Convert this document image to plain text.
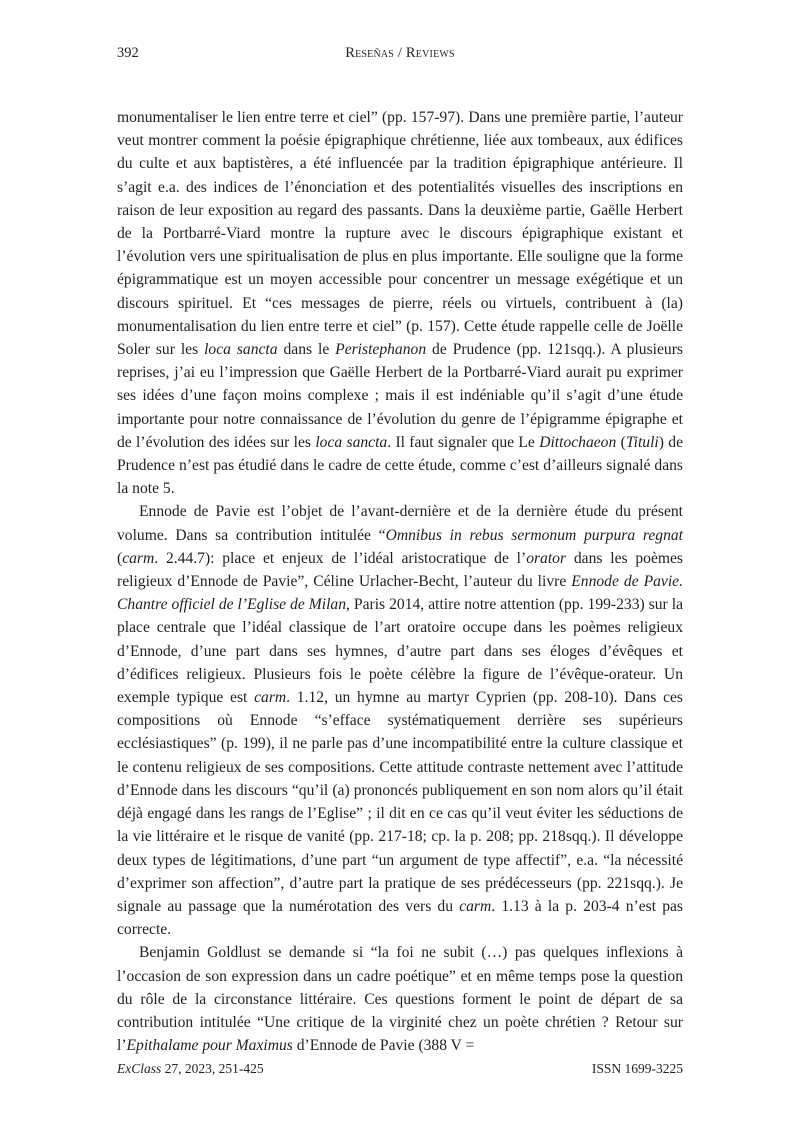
392	Reseñas / Reviews

monumentaliser le lien entre terre et ciel” (pp. 157-97). Dans une première partie, l’auteur veut montrer comment la poésie épigraphique chrétienne, liée aux tombeaux, aux édifices du culte et aux baptistères, a été influencée par la tradition épigraphique antérieure. Il s’agit e.a. des indices de l’énonciation et des potentialités visuelles des inscriptions en raison de leur exposition au regard des passants. Dans la deuxième partie, Gaëlle Herbert de la Portbarré-Viard montre la rupture avec le discours épigraphique existant et l’évolution vers une spiritualisation de plus en plus importante. Elle souligne que la forme épigrammatique est un moyen accessible pour concentrer un message exégétique et un discours spirituel. Et “ces messages de pierre, réels ou virtuels, contribuent à (la) monumentalisation du lien entre terre et ciel” (p. 157). Cette étude rappelle celle de Joëlle Soler sur les loca sancta dans le Peristephanon de Prudence (pp. 121sqq.). A plusieurs reprises, j’ai eu l’impression que Gaëlle Herbert de la Portbarré-Viard aurait pu exprimer ses idées d’une façon moins complexe ; mais il est indéniable qu’il s’agit d’une étude importante pour notre connaissance de l’évolution du genre de l’épigramme épigraphe et de l’évolution des idées sur les loca sancta. Il faut signaler que Le Dittochaeon (Tituli) de Prudence n’est pas étudié dans le cadre de cette étude, comme c’est d’ailleurs signalé dans la note 5.

Ennode de Pavie est l’objet de l’avant-dernière et de la dernière étude du présent volume. Dans sa contribution intitulée “Omnibus in rebus sermonum purpura regnat (carm. 2.44.7): place et enjeux de l’idéal aristocratique de l’orator dans les poèmes religieux d’Ennode de Pavie”, Céline Urlacher-Becht, l’auteur du livre Ennode de Pavie. Chantre officiel de l’Eglise de Milan, Paris 2014, attire notre attention (pp. 199-233) sur la place centrale que l’idéal classique de l’art oratoire occupe dans les poèmes religieux d’Ennode, d’une part dans ses hymnes, d’autre part dans ses éloges d’évêques et d’édifices religieux. Plusieurs fois le poète célèbre la figure de l’évêque-orateur. Un exemple typique est carm. 1.12, un hymne au martyr Cyprien (pp. 208-10). Dans ces compositions où Ennode “s’efface systématiquement derrière ses supérieurs ecclésiastiques” (p. 199), il ne parle pas d’une incompatibilité entre la culture classique et le contenu religieux de ses compositions. Cette attitude contraste nettement avec l’attitude d’Ennode dans les discours “qu’il (a) prononcés publiquement en son nom alors qu’il était déjà engagé dans les rangs de l’Eglise” ; il dit en ce cas qu’il veut éviter les séductions de la vie littéraire et le risque de vanité (pp. 217-18; cp. la p. 208; pp. 218sqq.). Il développe deux types de légitimations, d’une part “un argument de type affectif”, e.a. “la nécessité d’exprimer son affection”, d’autre part la pratique de ses prédécesseurs (pp. 221sqq.). Je signale au passage que la numérotation des vers du carm. 1.13 à la p. 203-4 n’est pas correcte.

Benjamin Goldlust se demande si “la foi ne subit (…) pas quelques inflexions à l’occasion de son expression dans un cadre poétique” et en même temps pose la question du rôle de la circonstance littéraire. Ces questions forment le point de départ de sa contribution intitulée “Une critique de la virginité chez un poète chrétien ? Retour sur l’Epithalame pour Maximus d’Ennode de Pavie (388 V =

ExClass 27, 2023, 251-425	ISSN 1699-3225
